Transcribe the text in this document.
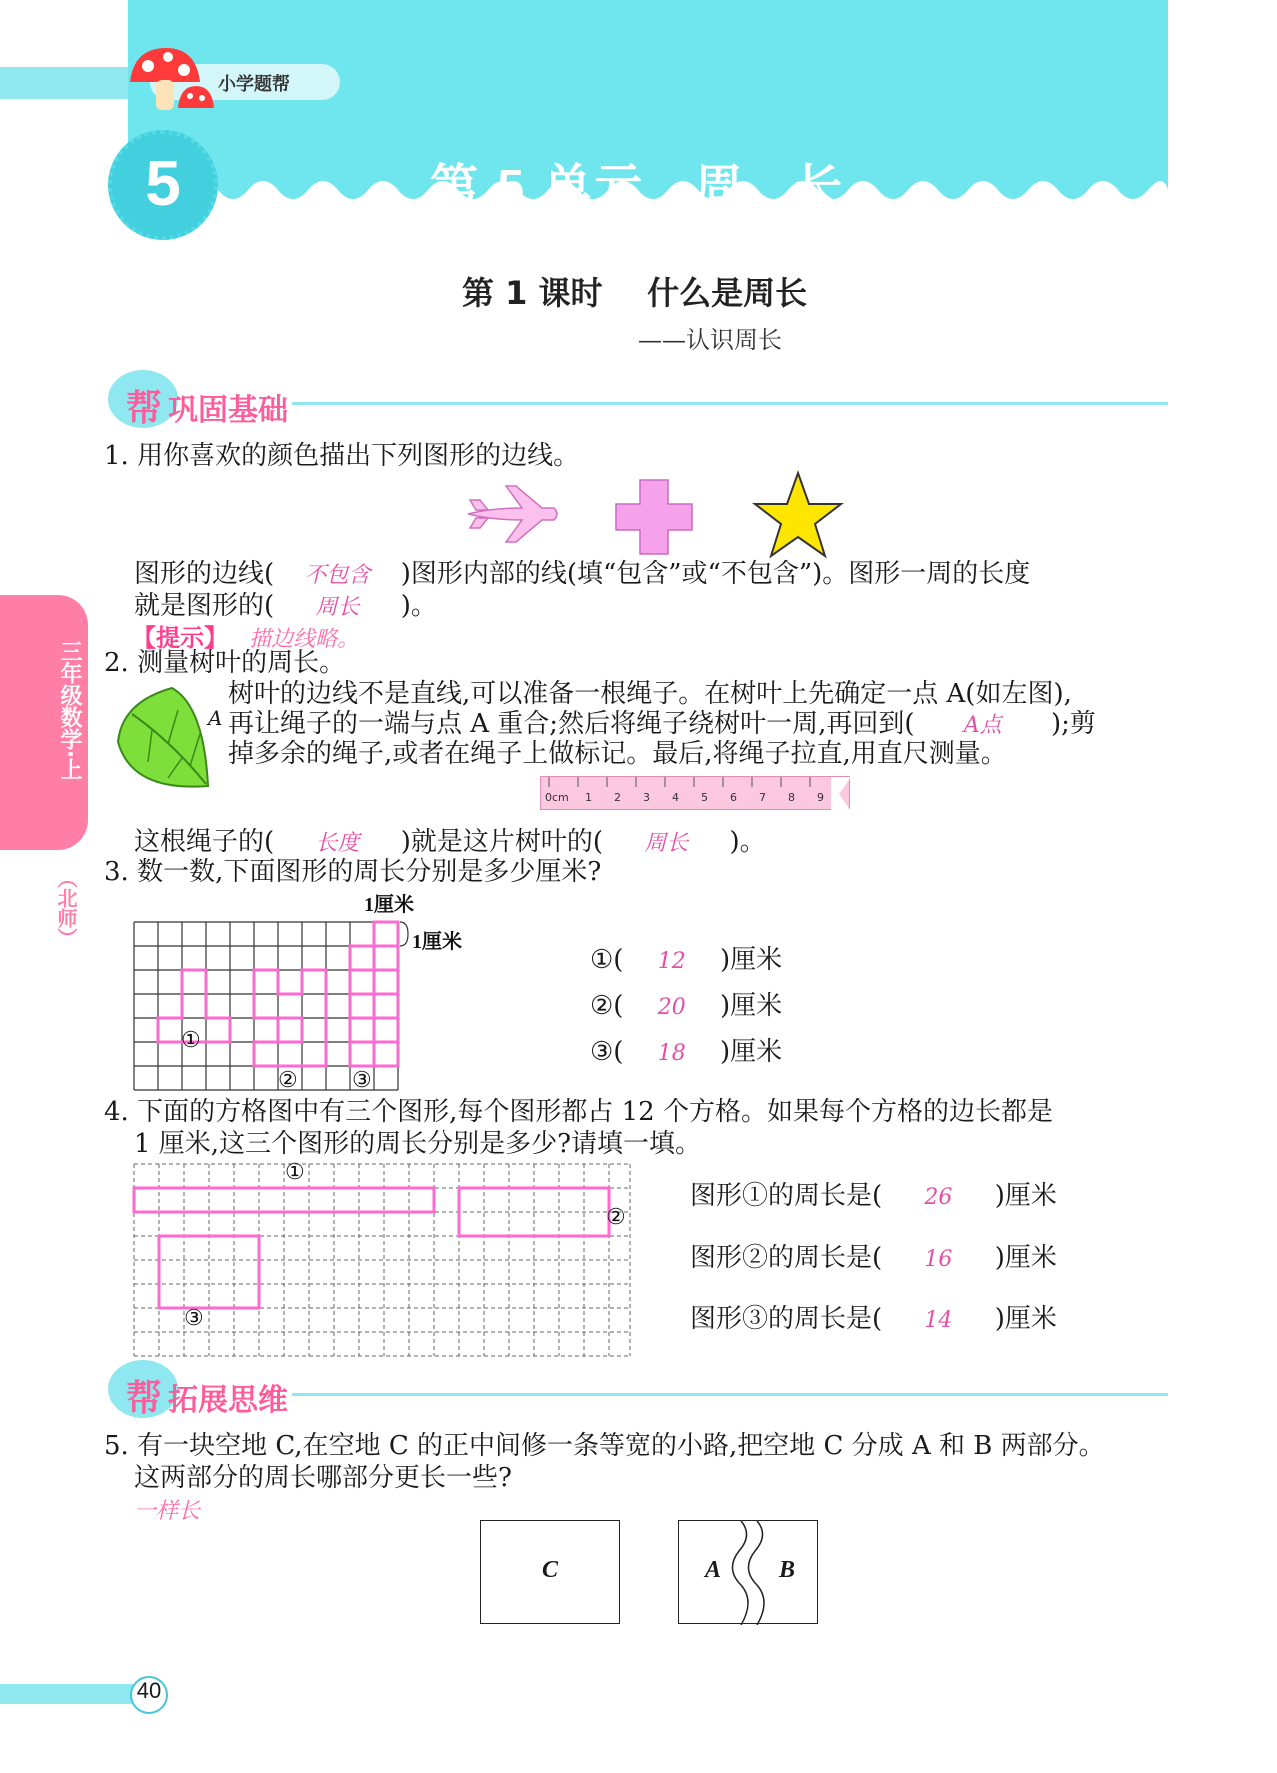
小学题帮
5	第 5 单元   周   长
第 1 课时    什么是周长
——认识周长
帮 巩固基础
三年级数学·上
（北师）
1. 用你喜欢的颜色描出下列图形的边线。
图形的边线( 不包含 )图形内部的线(填“包含”或“不包含”)。图形一周的长度
就是图形的( 周长 )。
【提示】 描边线略。
2. 测量树叶的周长。
A
树叶的边线不是直线,可以准备一根绳子。在树叶上先确定一点 A(如左图),
再让绳子的一端与点 A 重合;然后将绳子绕树叶一周,再回到( A点 );剪
掉多余的绳子,或者在绳子上做标记。最后,将绳子拉直,用直尺测量。
0cm	1	2	3	4	5	6	7	8	9
这根绳子的( 长度 )就是这片树叶的( 周长 )。
3. 数一数,下面图形的周长分别是多少厘米?
1厘米
1厘米
①
② ③
①( 12 )厘米
②( 20 )厘米
③( 18 )厘米
4. 下面的方格图中有三个图形,每个图形都占 12 个方格。如果每个方格的边长都是
1 厘米,这三个图形的周长分别是多少?请填一填。
①
②
③
图形①的周长是( 26 )厘米
图形②的周长是( 16 )厘米
图形③的周长是( 14 )厘米
帮 拓展思维
5. 有一块空地 C,在空地 C 的正中间修一条等宽的小路,把空地 C 分成 A 和 B 两部分。
这两部分的周长哪部分更长一些?
一样长
C	A B
40
